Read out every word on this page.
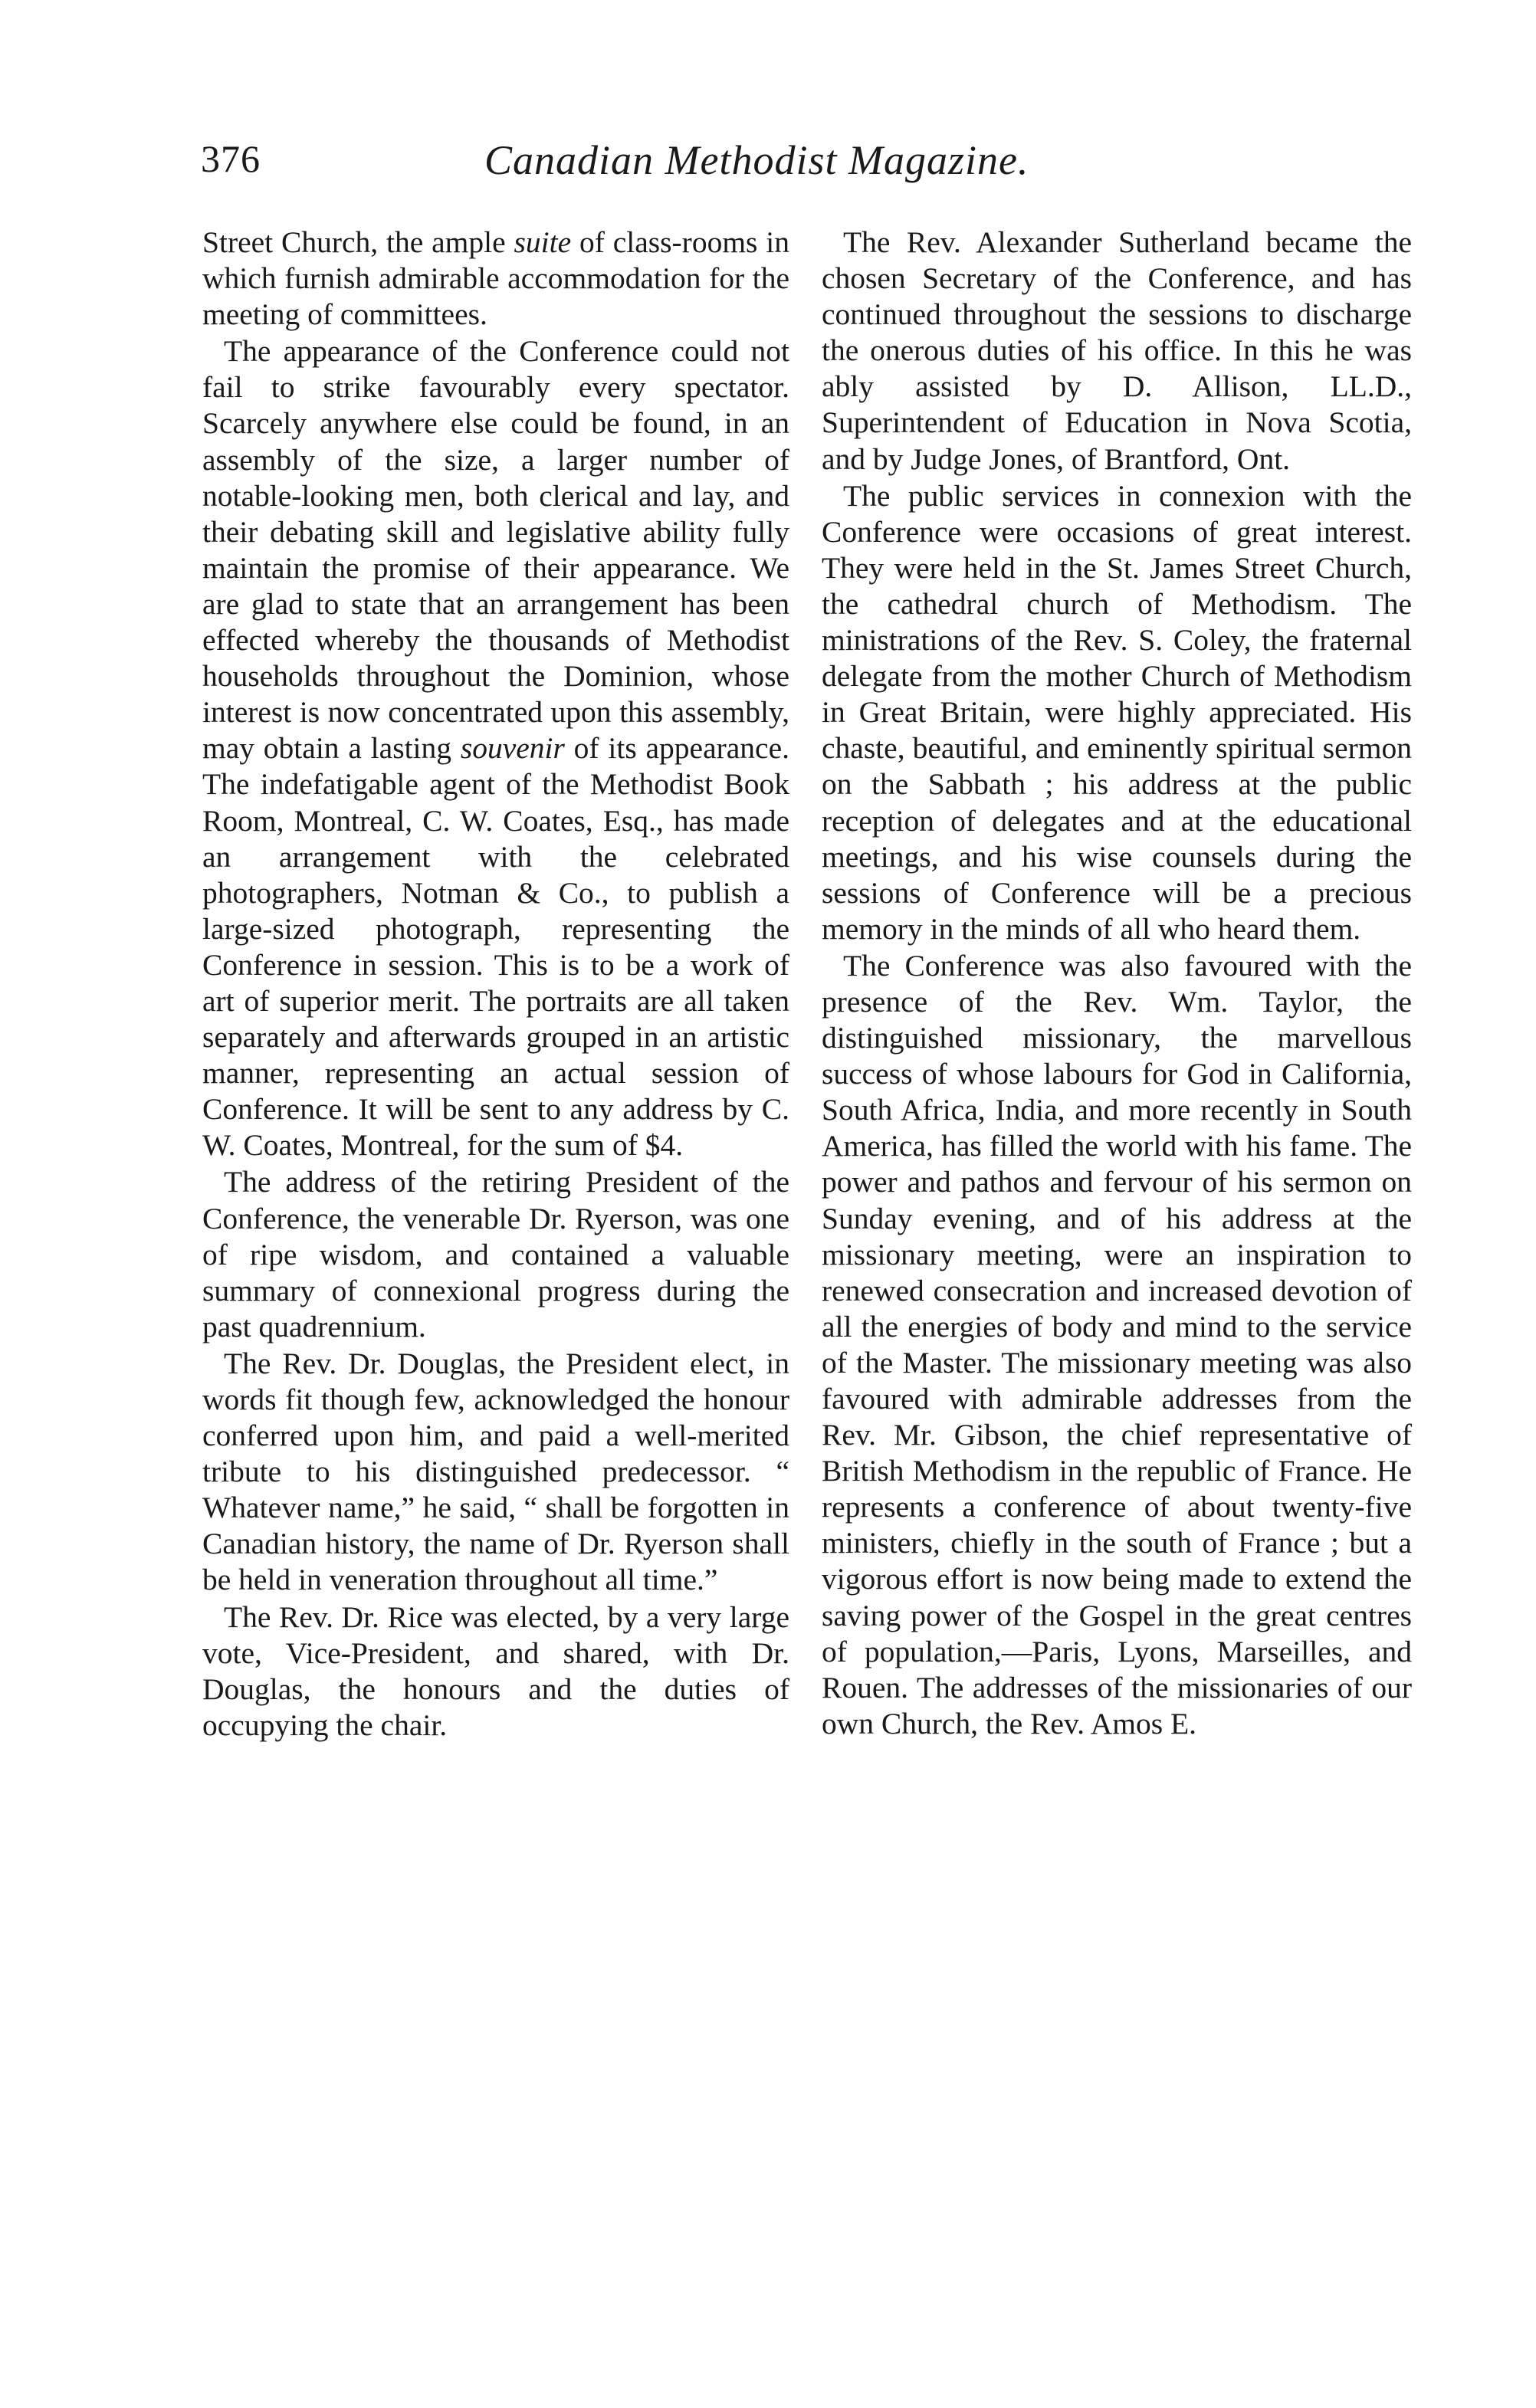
376	Canadian Methodist Magazine.

Street Church, the ample suite of class-rooms in which furnish admirable accommodation for the meeting of committees.

The appearance of the Conference could not fail to strike favourably every spectator. Scarcely anywhere else could be found, in an assembly of the size, a larger number of notable-looking men, both clerical and lay, and their debating skill and legislative ability fully maintain the promise of their appearance. We are glad to state that an arrangement has been effected whereby the thousands of Methodist households throughout the Dominion, whose interest is now concentrated upon this assembly, may obtain a lasting souvenir of its appearance. The indefatigable agent of the Methodist Book Room, Montreal, C. W. Coates, Esq., has made an arrangement with the celebrated photographers, Notman & Co., to publish a large-sized photograph, representing the Conference in session. This is to be a work of art of superior merit. The portraits are all taken separately and afterwards grouped in an artistic manner, representing an actual session of Conference. It will be sent to any address by C. W. Coates, Montreal, for the sum of $4.

The address of the retiring President of the Conference, the venerable Dr. Ryerson, was one of ripe wisdom, and contained a valuable summary of connexional progress during the past quadrennium.

The Rev. Dr. Douglas, the President elect, in words fit though few, acknowledged the honour conferred upon him, and paid a well-merited tribute to his distinguished predecessor. “ Whatever name,” he said, “ shall be forgotten in Canadian history, the name of Dr. Ryerson shall be held in veneration throughout all time.”

The Rev. Dr. Rice was elected, by a very large vote, Vice-President, and shared, with Dr. Douglas, the honours and the duties of occupying the chair.

The Rev. Alexander Sutherland became the chosen Secretary of the Conference, and has continued throughout the sessions to discharge the onerous duties of his office. In this he was ably assisted by D. Allison, LL.D., Superintendent of Education in Nova Scotia, and by Judge Jones, of Brantford, Ont.

The public services in connexion with the Conference were occasions of great interest. They were held in the St. James Street Church, the cathedral church of Methodism. The ministrations of the Rev. S. Coley, the fraternal delegate from the mother Church of Methodism in Great Britain, were highly appreciated. His chaste, beautiful, and eminently spiritual sermon on the Sabbath ; his address at the public reception of delegates and at the educational meetings, and his wise counsels during the sessions of Conference will be a precious memory in the minds of all who heard them.

The Conference was also favoured with the presence of the Rev. Wm. Taylor, the distinguished missionary, the marvellous success of whose labours for God in California, South Africa, India, and more recently in South America, has filled the world with his fame. The power and pathos and fervour of his sermon on Sunday evening, and of his address at the missionary meeting, were an inspiration to renewed consecration and increased devotion of all the energies of body and mind to the service of the Master. The missionary meeting was also favoured with admirable addresses from the Rev. Mr. Gibson, the chief representative of British Methodism in the republic of France. He represents a conference of about twenty-five ministers, chiefly in the south of France ; but a vigorous effort is now being made to extend the saving power of the Gospel in the great centres of population,—Paris, Lyons, Marseilles, and Rouen. The addresses of the missionaries of our own Church, the Rev. Amos E.
